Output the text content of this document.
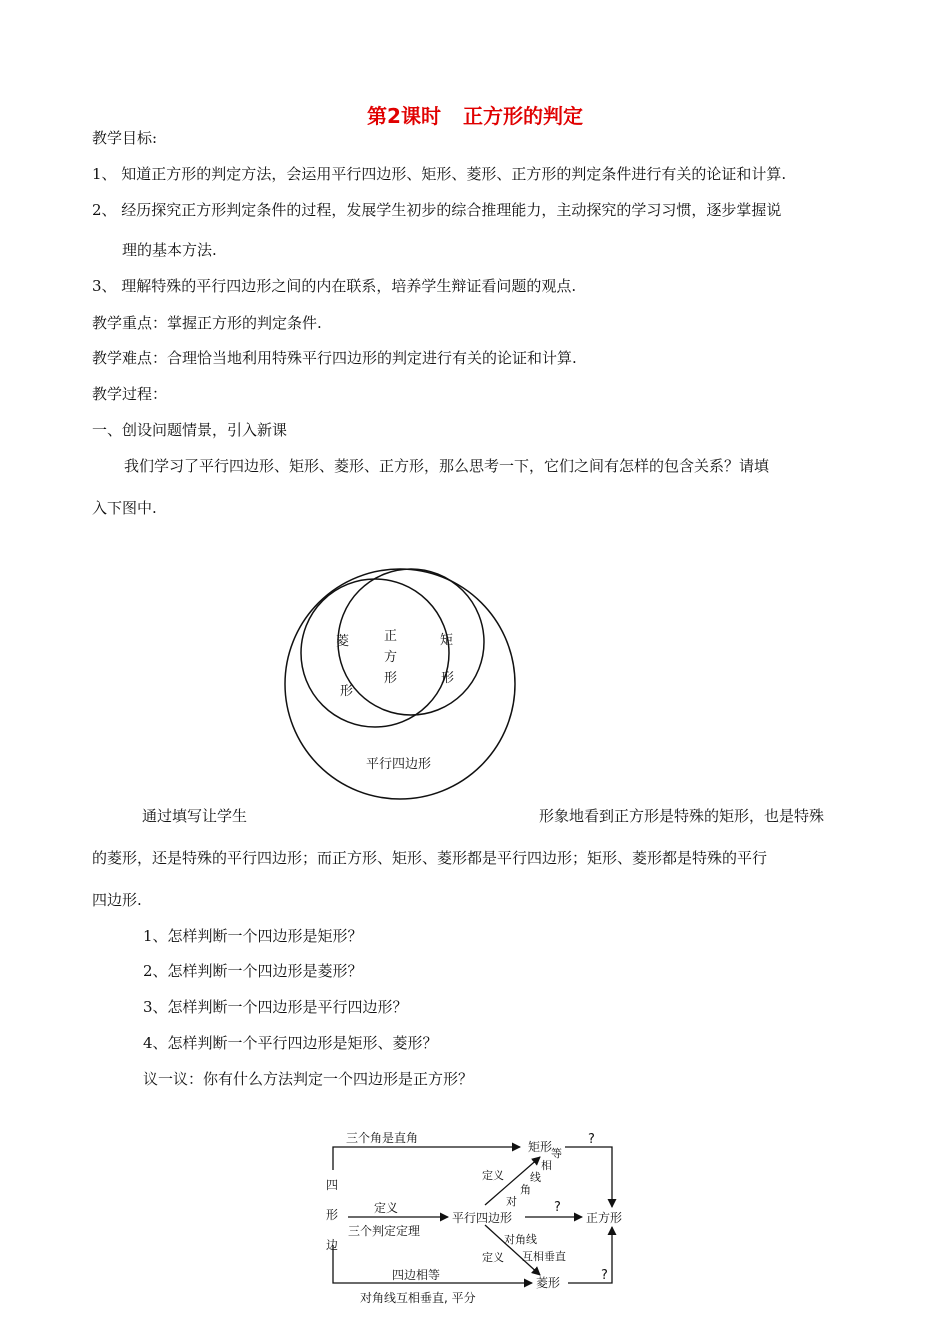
第2课时 正方形的判定
教学目标:
1、 知道正方形的判定方法，会运用平行四边形、矩形、菱形、正方形的判定条件进行有关的论证和计算.
2、 经历探究正方形判定条件的过程，发展学生初步的综合推理能力，主动探究的学习习惯，逐步掌握说
理的基本方法.
3、 理解特殊的平行四边形之间的内在联系，培养学生辩证看问题的观点.
教学重点：掌握正方形的判定条件.
教学难点：合理恰当地利用特殊平行四边形的判定进行有关的论证和计算.
教学过程：
一、创设问题情景，引入新课
我们学习了平行四边形、矩形、菱形、正方形，那么思考一下，它们之间有怎样的包含关系？请填
入下图中.
菱
形
正
方
形
矩
形
平行四边形
通过填写让学生	形象地看到正方形是特殊的矩形，也是特殊
的菱形，还是特殊的平行四边形；而正方形、矩形、菱形都是平行四边形；矩形、菱形都是特殊的平行
四边形.
1、怎样判断一个四边形是矩形？
2、怎样判断一个四边形是菱形？
3、怎样判断一个四边形是平行四边形？
4、怎样判断一个平行四边形是矩形、菱形？
议一议：你有什么方法判定一个四边形是正方形？
三个角是直角
四
形
边
定义
三个判定定理
平行四边形
矩形
正方形
菱形
定义
定义
对
角
线
相
等
对角线
互相垂直
四边相等
对角线互相垂直, 平分
?
?
?
